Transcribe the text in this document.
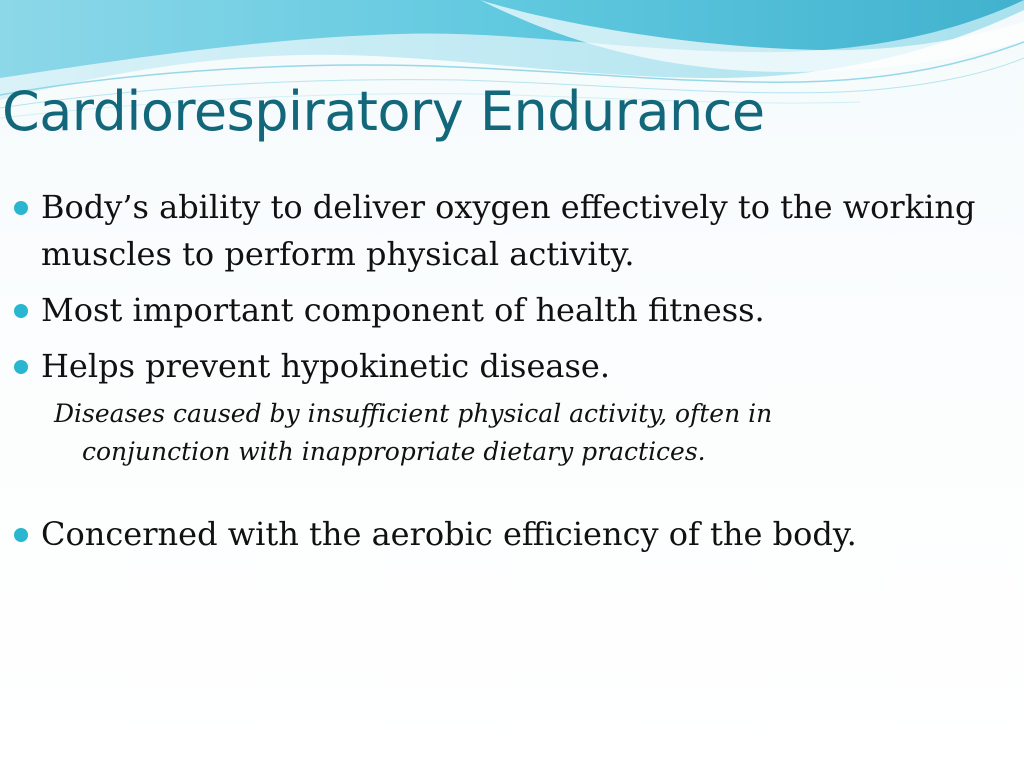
Cardiorespiratory Endurance
Body’s ability to deliver oxygen effectively to the working muscles to perform physical activity.
Most important component of health fitness.
Helps prevent hypokinetic disease.
Diseases caused by insufficient physical activity, often in conjunction with inappropriate dietary practices.
Concerned with the aerobic efficiency of the body.
